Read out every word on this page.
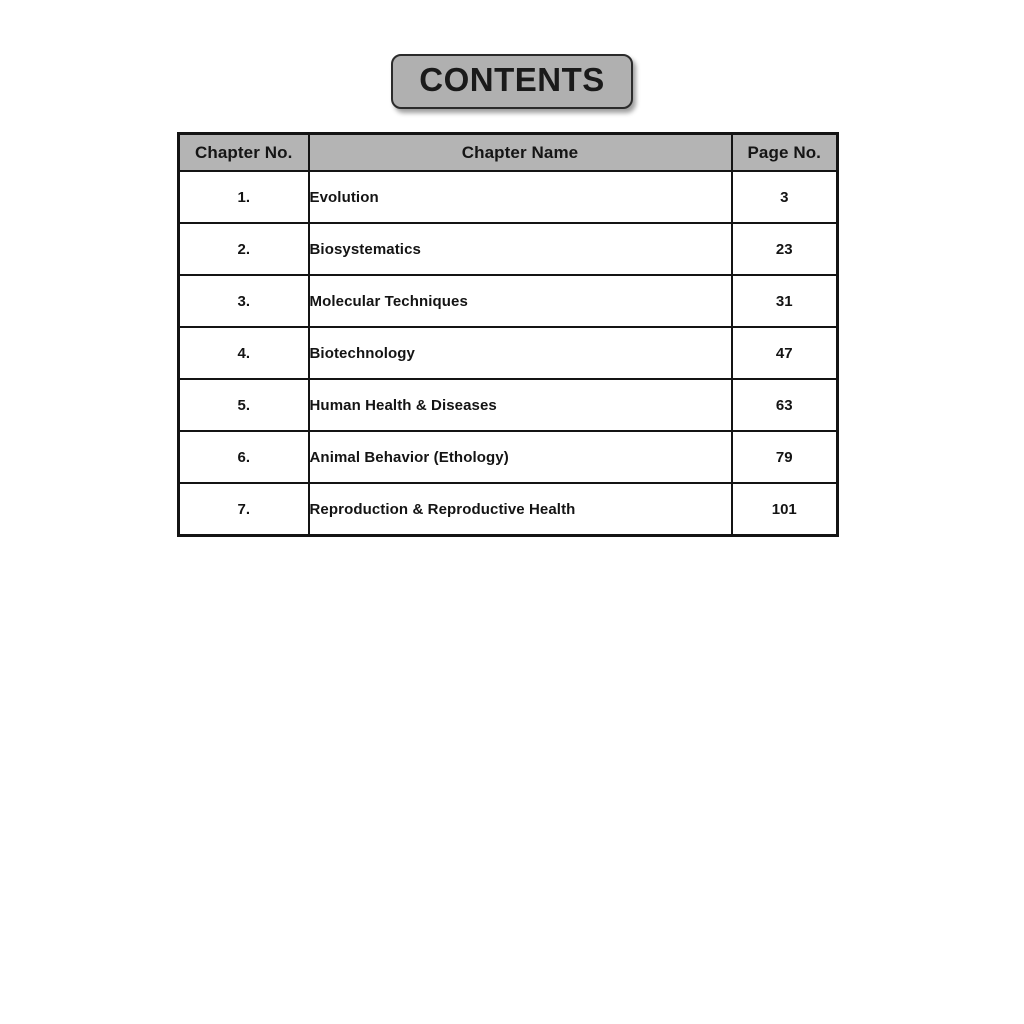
CONTENTS
Chapter No.	Chapter Name	Page No.
1.	Evolution	3
2.	Biosystematics	23
3.	Molecular Techniques	31
4.	Biotechnology	47
5.	Human Health & Diseases	63
6.	Animal Behavior (Ethology)	79
7.	Reproduction & Reproductive Health	101
